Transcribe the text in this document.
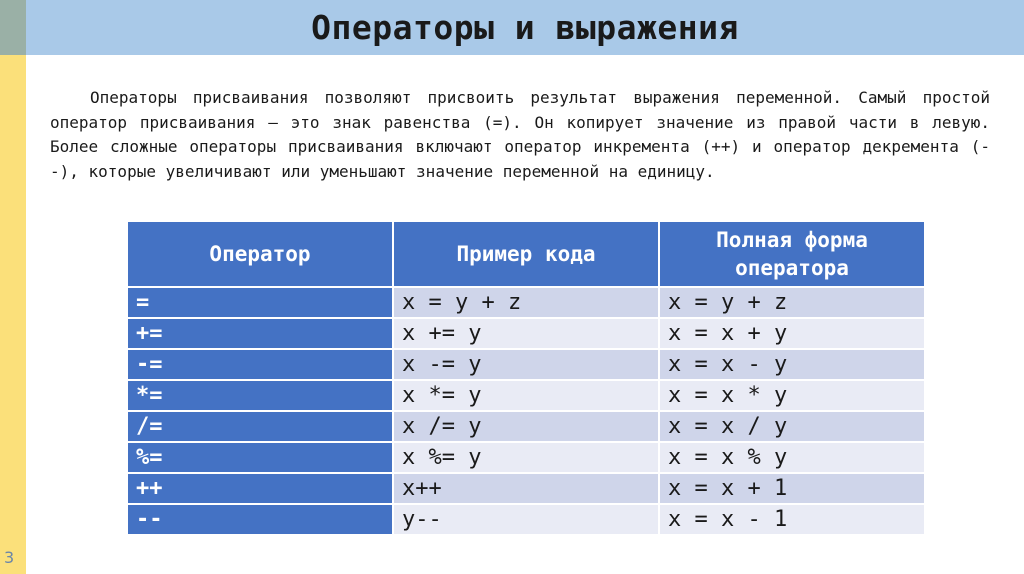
Операторы и выражения

Операторы присваивания позволяют присвоить результат выражения переменной. Самый простой оператор присваивания — это знак равенства (=). Он копирует значение из правой части в левую. Более сложные операторы присваивания включают оператор инкремента (++) и оператор декремента (--), которые увеличивают или уменьшают значение переменной на единицу.

Оператор	Пример кода	Полная форма оператора
=	x = y + z	x = y + z
+=	x += y	x = x + y
-=	x -= y	x = x - y
*=	x *= y	x = x * y
/=	x /= y	x = x / y
%=	x %= y	x = x % y
++	x++	x = x + 1
--	y--	x = x - 1
3
